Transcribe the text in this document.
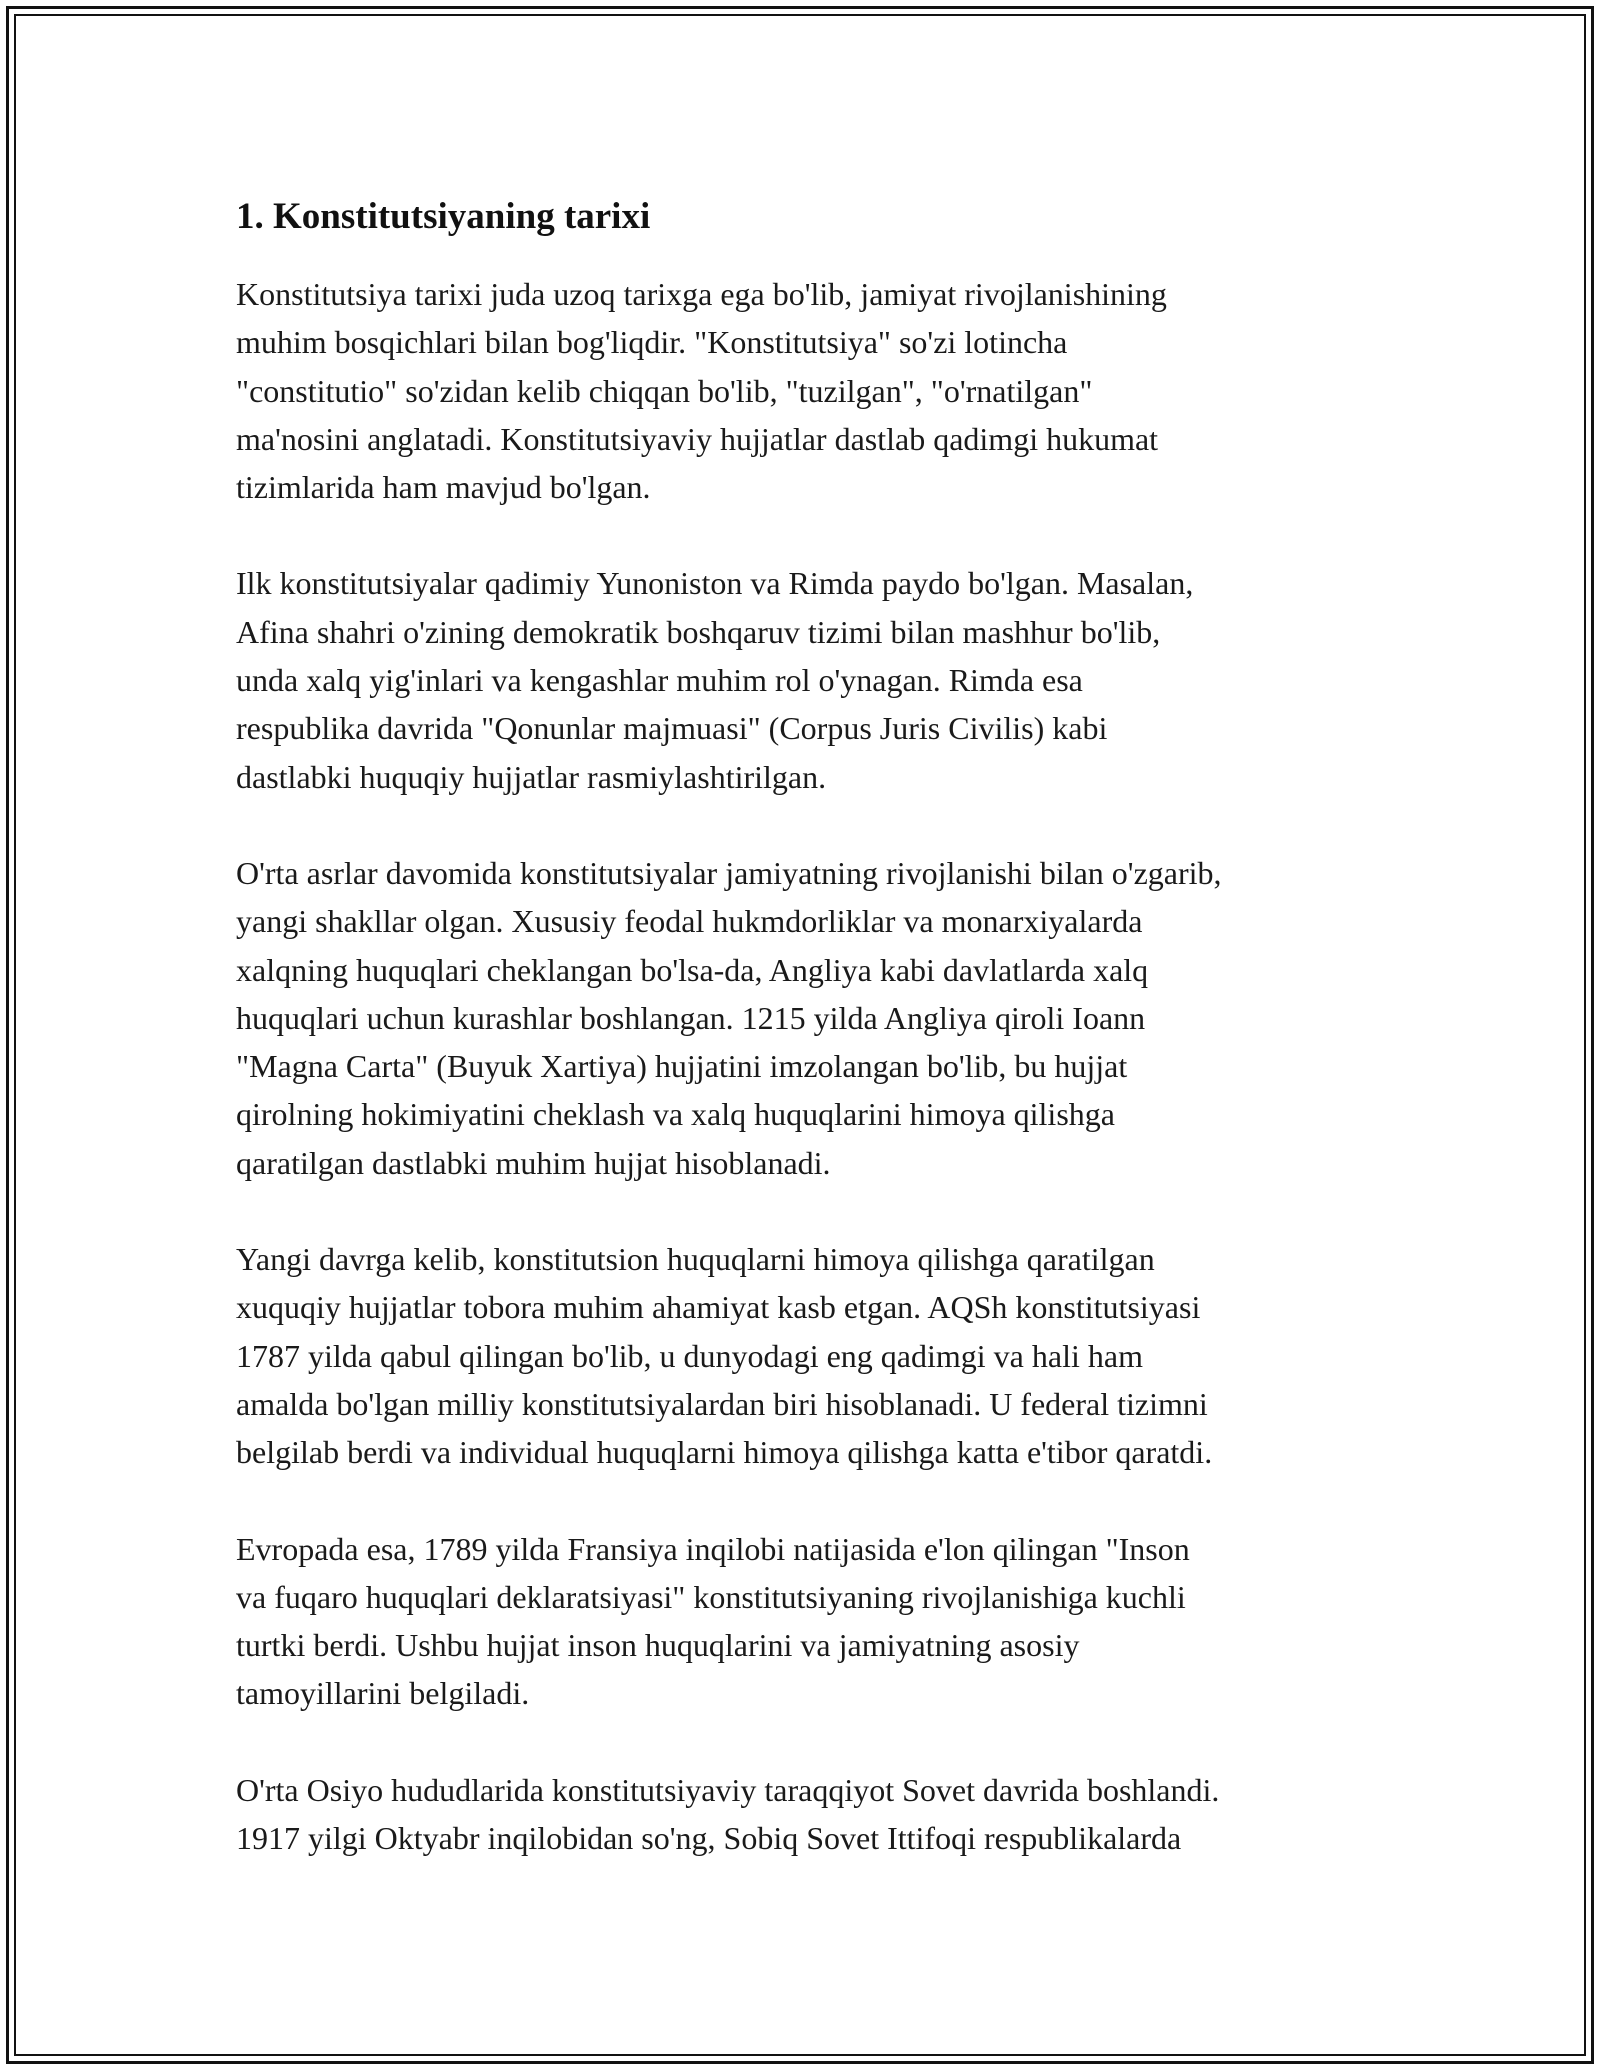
1. Konstitutsiyaning tarixi

Konstitutsiya tarixi juda uzoq tarixga ega bo'lib, jamiyat rivojlanishining
muhim bosqichlari bilan bog'liqdir. "Konstitutsiya" so'zi lotincha
"constitutio" so'zidan kelib chiqqan bo'lib, "tuzilgan", "o'rnatilgan"
ma'nosini anglatadi. Konstitutsiyaviy hujjatlar dastlab qadimgi hukumat
tizimlarida ham mavjud bo'lgan.

Ilk konstitutsiyalar qadimiy Yunoniston va Rimda paydo bo'lgan. Masalan,
Afina shahri o'zining demokratik boshqaruv tizimi bilan mashhur bo'lib,
unda xalq yig'inlari va kengashlar muhim rol o'ynagan. Rimda esa
respublika davrida "Qonunlar majmuasi" (Corpus Juris Civilis) kabi
dastlabki huquqiy hujjatlar rasmiylashtirilgan.

O'rta asrlar davomida konstitutsiyalar jamiyatning rivojlanishi bilan o'zgarib,
yangi shakllar olgan. Xususiy feodal hukmdorliklar va monarxiyalarda
xalqning huquqlari cheklangan bo'lsa-da, Angliya kabi davlatlarda xalq
huquqlari uchun kurashlar boshlangan. 1215 yilda Angliya qiroli Ioann
"Magna Carta" (Buyuk Xartiya) hujjatini imzolangan bo'lib, bu hujjat
qirolning hokimiyatini cheklash va xalq huquqlarini himoya qilishga
qaratilgan dastlabki muhim hujjat hisoblanadi.

Yangi davrga kelib, konstitutsion huquqlarni himoya qilishga qaratilgan
xuquqiy hujjatlar tobora muhim ahamiyat kasb etgan. AQSh konstitutsiyasi
1787 yilda qabul qilingan bo'lib, u dunyodagi eng qadimgi va hali ham
amalda bo'lgan milliy konstitutsiyalardan biri hisoblanadi. U federal tizimni
belgilab berdi va individual huquqlarni himoya qilishga katta e'tibor qaratdi.

Evropada esa, 1789 yilda Fransiya inqilobi natijasida e'lon qilingan "Inson
va fuqaro huquqlari deklaratsiyasi" konstitutsiyaning rivojlanishiga kuchli
turtki berdi. Ushbu hujjat inson huquqlarini va jamiyatning asosiy
tamoyillarini belgiladi.

O'rta Osiyo hududlarida konstitutsiyaviy taraqqiyot Sovet davrida boshlandi.
1917 yilgi Oktyabr inqilobidan so'ng, Sobiq Sovet Ittifoqi respublikalarda
